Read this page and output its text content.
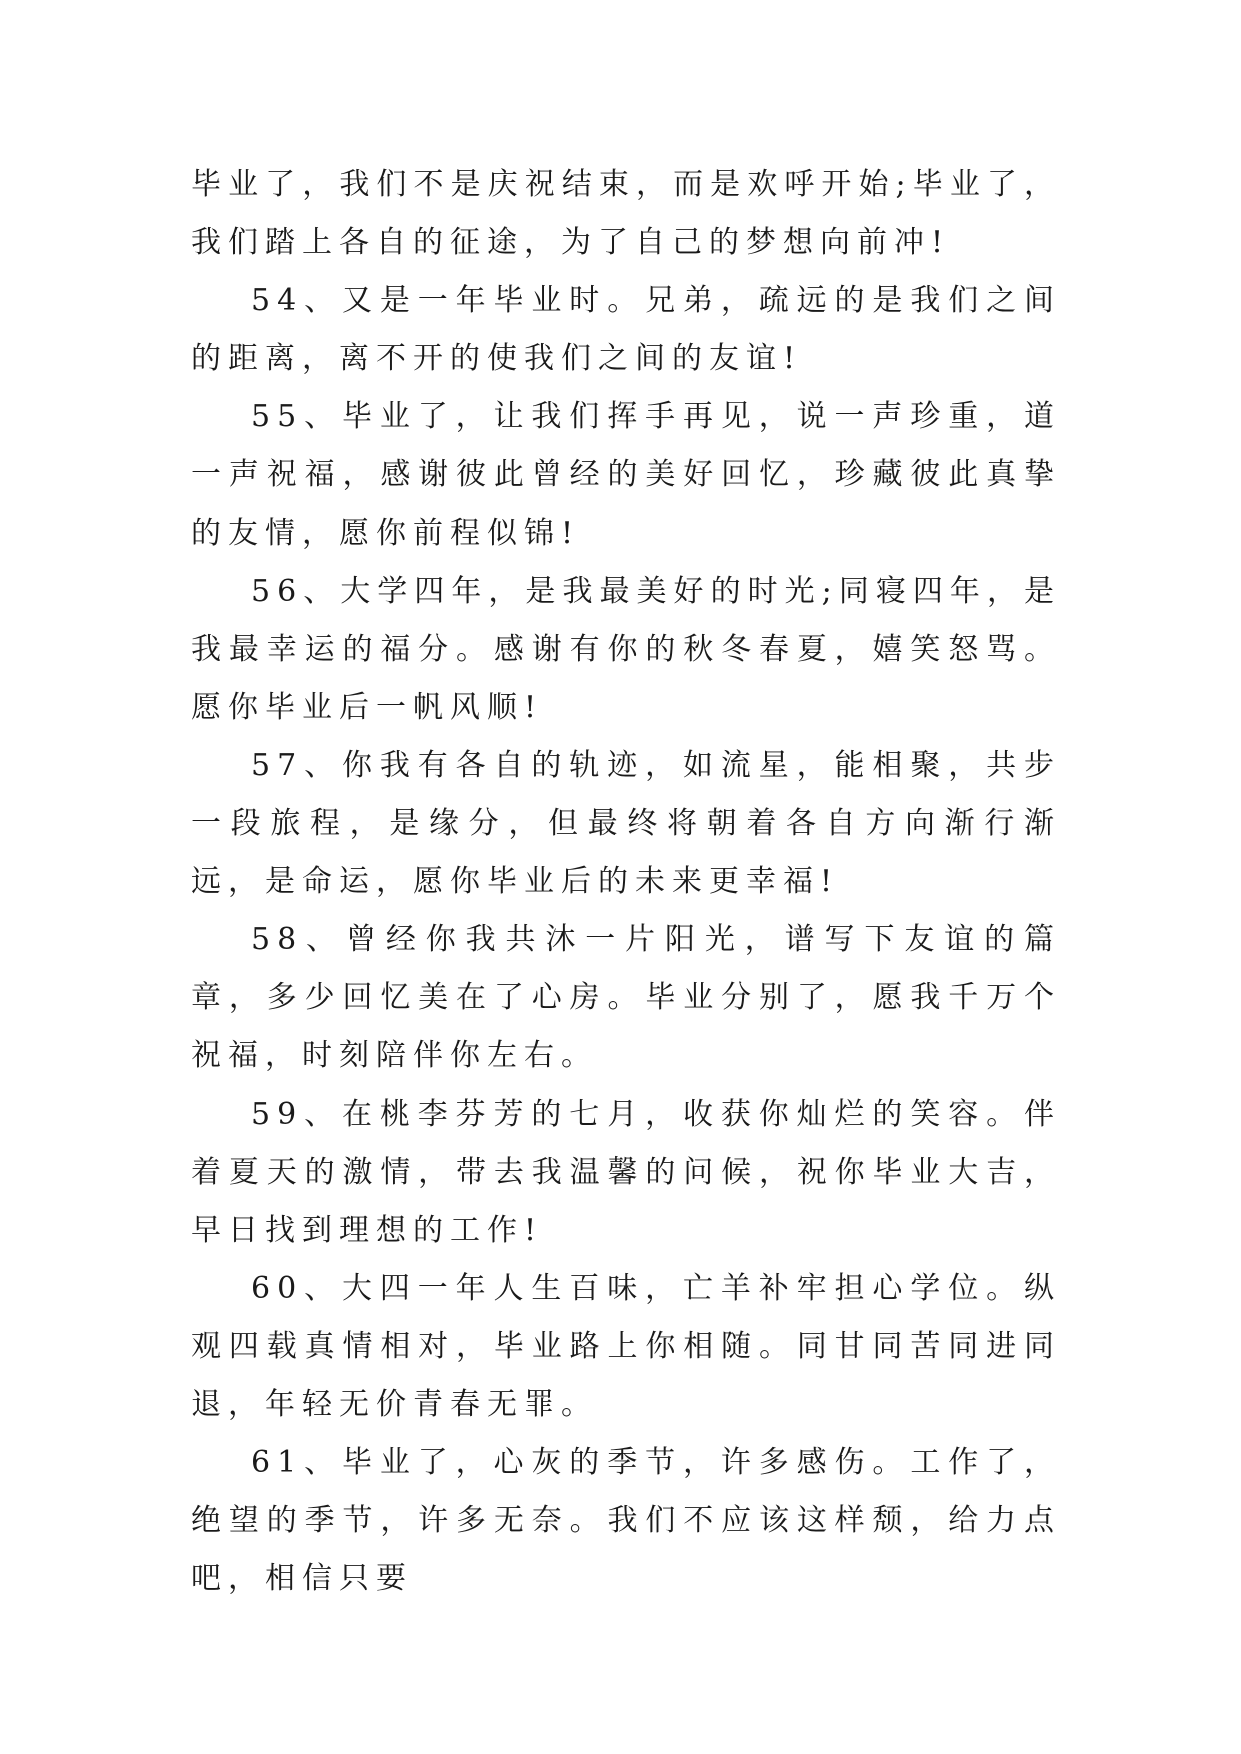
毕业了，我们不是庆祝结束，而是欢呼开始;毕业了，我们踏上各自的征途，为了自己的梦想向前冲!

54、又是一年毕业时。兄弟，疏远的是我们之间的距离，离不开的使我们之间的友谊!

55、毕业了，让我们挥手再见，说一声珍重，道一声祝福，感谢彼此曾经的美好回忆，珍藏彼此真挚的友情，愿你前程似锦!

56、大学四年，是我最美好的时光;同寝四年，是我最幸运的福分。感谢有你的秋冬春夏，嬉笑怒骂。愿你毕业后一帆风顺!

57、你我有各自的轨迹，如流星，能相聚，共步一段旅程，是缘分，但最终将朝着各自方向渐行渐远，是命运，愿你毕业后的未来更幸福!

58、曾经你我共沐一片阳光，谱写下友谊的篇章，多少回忆美在了心房。毕业分别了，愿我千万个祝福，时刻陪伴你左右。

59、在桃李芬芳的七月，收获你灿烂的笑容。伴着夏天的激情，带去我温馨的问候，祝你毕业大吉，早日找到理想的工作!

60、大四一年人生百味，亡羊补牢担心学位。纵观四载真情相对，毕业路上你相随。同甘同苦同进同退，年轻无价青春无罪。

61、毕业了，心灰的季节，许多感伤。工作了，绝望的季节，许多无奈。我们不应该这样颓，给力点吧，相信只要
